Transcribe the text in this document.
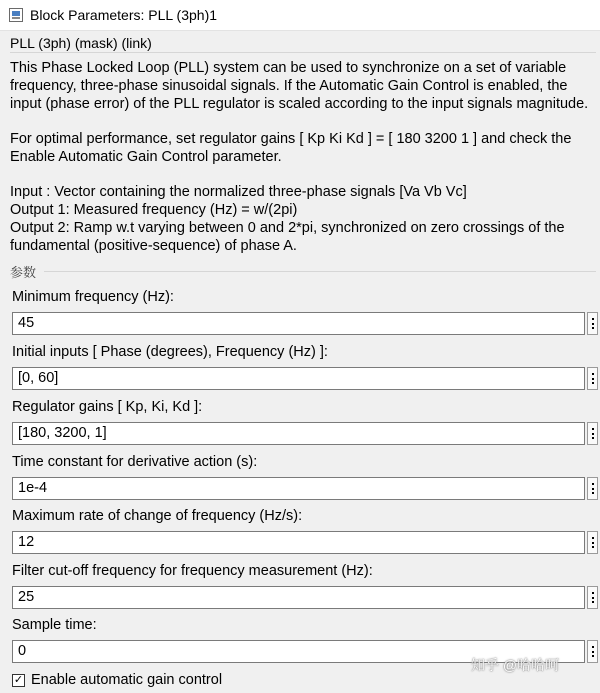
Block Parameters: PLL (3ph)1
PLL (3ph) (mask) (link)

This Phase Locked Loop (PLL) system can be used to synchronize on a set of variable frequency, three-phase sinusoidal signals. If the Automatic Gain Control is enabled, the input (phase error) of the PLL regulator is scaled according to the input signals magnitude.

For optimal performance, set regulator gains [ Kp Ki Kd ] = [ 180 3200 1 ] and check the Enable Automatic Gain Control parameter.

Input : Vector containing the normalized three-phase signals [Va Vb Vc]

Output 1: Measured frequency (Hz) = w/(2pi)

Output 2: Ramp w.t varying between 0 and 2*pi, synchronized on zero crossings of the fundamental (positive-sequence) of phase A.

参数
Minimum frequency (Hz):
45
Initial inputs [ Phase (degrees), Frequency (Hz) ]:
[0, 60]
Regulator gains [ Kp, Ki, Kd ]:
[180, 3200, 1]
Time constant for derivative action (s):
1e-4
Maximum rate of change of frequency (Hz/s):
12
Filter cut-off frequency for frequency measurement (Hz):
25
Sample time:
0
✓ Enable automatic gain control
知乎 @哈哈呵
